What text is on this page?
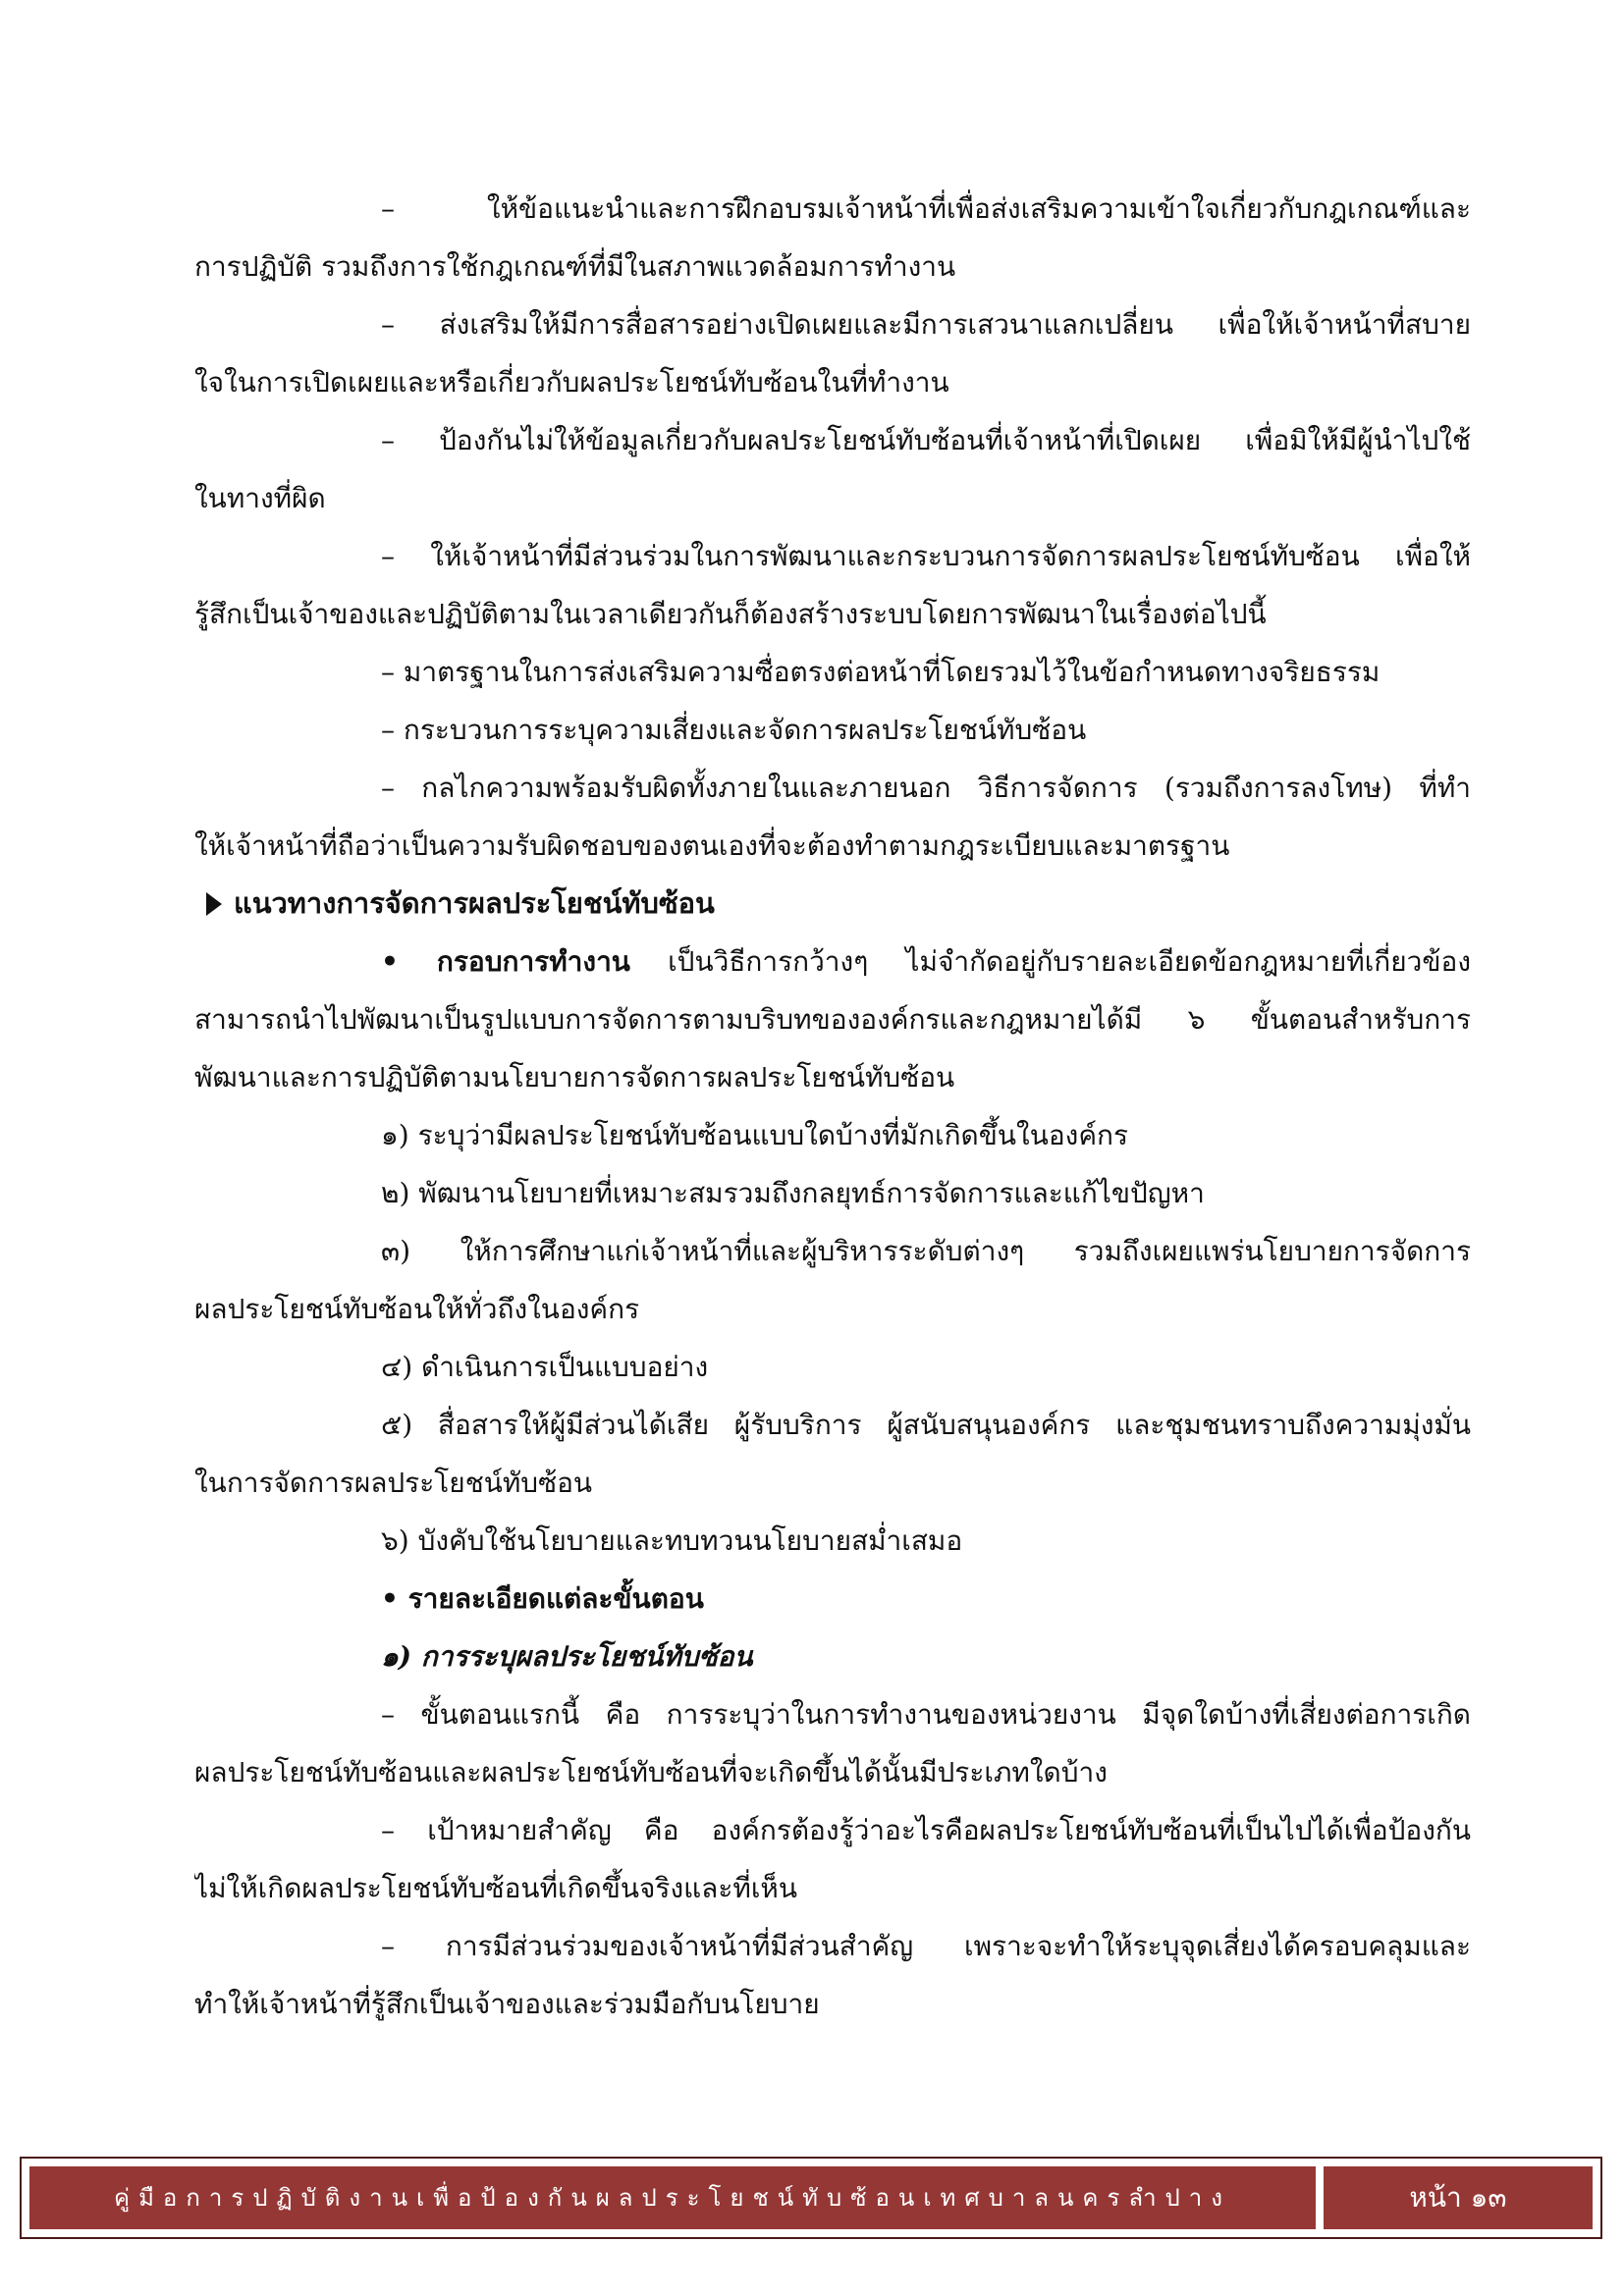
– ให้ข้อแนะนำและการฝึกอบรมเจ้าหน้าที่เพื่อส่งเสริมความเข้าใจเกี่ยวกับกฎเกณฑ์และ
การปฏิบัติ รวมถึงการใช้กฎเกณฑ์ที่มีในสภาพแวดล้อมการทำงาน
– ส่งเสริมให้มีการสื่อสารอย่างเปิดเผยและมีการเสวนาแลกเปลี่ยน เพื่อให้เจ้าหน้าที่สบาย
ใจในการเปิดเผยและหรือเกี่ยวกับผลประโยชน์ทับซ้อนในที่ทำงาน
– ป้องกันไม่ให้ข้อมูลเกี่ยวกับผลประโยชน์ทับซ้อนที่เจ้าหน้าที่เปิดเผย เพื่อมิให้มีผู้นำไปใช้
ในทางที่ผิด
– ให้เจ้าหน้าที่มีส่วนร่วมในการพัฒนาและกระบวนการจัดการผลประโยชน์ทับซ้อน เพื่อให้
รู้สึกเป็นเจ้าของและปฏิบัติตามในเวลาเดียวกันก็ต้องสร้างระบบโดยการพัฒนาในเรื่องต่อไปนี้
– มาตรฐานในการส่งเสริมความซื่อตรงต่อหน้าที่โดยรวมไว้ในข้อกำหนดทางจริยธรรม
– กระบวนการระบุความเสี่ยงและจัดการผลประโยชน์ทับซ้อน
– กลไกความพร้อมรับผิดทั้งภายในและภายนอก วิธีการจัดการ (รวมถึงการลงโทษ) ที่ทำ
ให้เจ้าหน้าที่ถือว่าเป็นความรับผิดชอบของตนเองที่จะต้องทำตามกฎระเบียบและมาตรฐาน
แนวทางการจัดการผลประโยชน์ทับซ้อน
• กรอบการทำงาน เป็นวิธีการกว้างๆ ไม่จำกัดอยู่กับรายละเอียดข้อกฎหมายที่เกี่ยวข้อง
สามารถนำไปพัฒนาเป็นรูปแบบการจัดการตามบริบทขององค์กรและกฎหมายได้มี ๖ ขั้นตอนสำหรับการ
พัฒนาและการปฏิบัติตามนโยบายการจัดการผลประโยชน์ทับซ้อน
๑) ระบุว่ามีผลประโยชน์ทับซ้อนแบบใดบ้างที่มักเกิดขึ้นในองค์กร
๒) พัฒนานโยบายที่เหมาะสมรวมถึงกลยุทธ์การจัดการและแก้ไขปัญหา
๓) ให้การศึกษาแก่เจ้าหน้าที่และผู้บริหารระดับต่างๆ รวมถึงเผยแพร่นโยบายการจัดการ
ผลประโยชน์ทับซ้อนให้ทั่วถึงในองค์กร
๔) ดำเนินการเป็นแบบอย่าง
๕) สื่อสารให้ผู้มีส่วนได้เสีย ผู้รับบริการ ผู้สนับสนุนองค์กร และชุมชนทราบถึงความมุ่งมั่น
ในการจัดการผลประโยชน์ทับซ้อน
๖) บังคับใช้นโยบายและทบทวนนโยบายสม่ำเสมอ
• รายละเอียดแต่ละขั้นตอน
๑) การระบุผลประโยชน์ทับซ้อน
– ขั้นตอนแรกนี้ คือ การระบุว่าในการทำงานของหน่วยงาน มีจุดใดบ้างที่เสี่ยงต่อการเกิด
ผลประโยชน์ทับซ้อนและผลประโยชน์ทับซ้อนที่จะเกิดขึ้นได้นั้นมีประเภทใดบ้าง
– เป้าหมายสำคัญ คือ องค์กรต้องรู้ว่าอะไรคือผลประโยชน์ทับซ้อนที่เป็นไปได้เพื่อป้องกัน
ไม่ให้เกิดผลประโยชน์ทับซ้อนที่เกิดขึ้นจริงและที่เห็น
– การมีส่วนร่วมของเจ้าหน้าที่มีส่วนสำคัญ เพราะจะทำให้ระบุจุดเสี่ยงได้ครอบคลุมและ
ทำให้เจ้าหน้าที่รู้สึกเป็นเจ้าของและร่วมมือกับนโยบาย
คู่มือการปฏิบัติงานเพื่อป้องกันผลประโยชน์ทับซ้อนเทศบาลนครลำปาง	หน้า ๑๓
